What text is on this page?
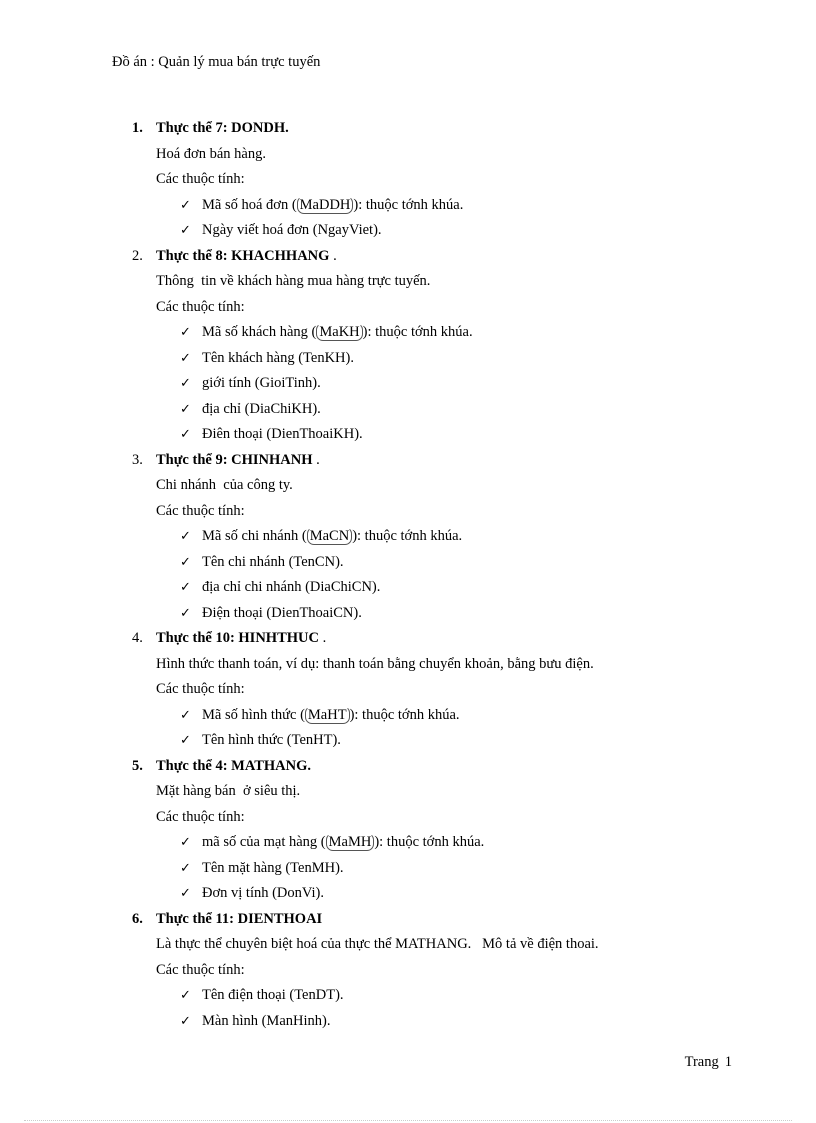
Đồ án : Quản lý mua bán trực tuyến
1. Thực thể 7: DONDH.
Hoá đơn bán hàng.
Các thuộc tính:
✓ Mã số hoá đơn ( MaDDH ): thuộc tớnh khúa.
✓ Ngày viết hoá đơn (NgayViet).
2. Thực thể 8: KHACHHANG .
Thông  tin về khách hàng mua hàng trực tuyến.
Các thuộc tính:
✓ Mã số khách hàng ( MaKH ): thuộc tớnh khúa.
✓ Tên khách hàng (TenKH).
✓ giới tính (GioiTinh).
✓ địa chỉ (DiaChiKH).
✓ Điên thoại (DienThoaiKH).
3. Thực thể 9: CHINHANH .
Chi nhánh  của công ty.
Các thuộc tính:
✓ Mã số chi nhánh ( MaCN ): thuộc tớnh khúa.
✓ Tên chi nhánh (TenCN).
✓ địa chỉ chi nhánh (DiaChiCN).
✓ Điện thoại (DienThoaiCN).
4. Thực thể 10: HINHTHUC .
Hình thức thanh toán, ví dụ: thanh toán bằng chuyển khoản, bằng bưu điện.
Các thuộc tính:
✓ Mã số hình thức ( MaHT ): thuộc tớnh khúa.
✓ Tên hình thức (TenHT).
5. Thực thể 4: MATHANG.
Mặt hàng bán  ở siêu thị.
Các thuộc tính:
✓ mã số của mạt hàng ( MaMH ): thuộc tớnh khúa.
✓ Tên mặt hàng (TenMH).
✓ Đơn vị tính (DonVi).
6. Thực thể 11: DIENTHOAI
Là thực thể chuyên biệt hoá của thực thể MATHANG.   Mô tả về điện thoai.
Các thuộc tính:
✓ Tên điện thoại (TenDT).
✓ Màn hình (ManHinh).
Trang 1
